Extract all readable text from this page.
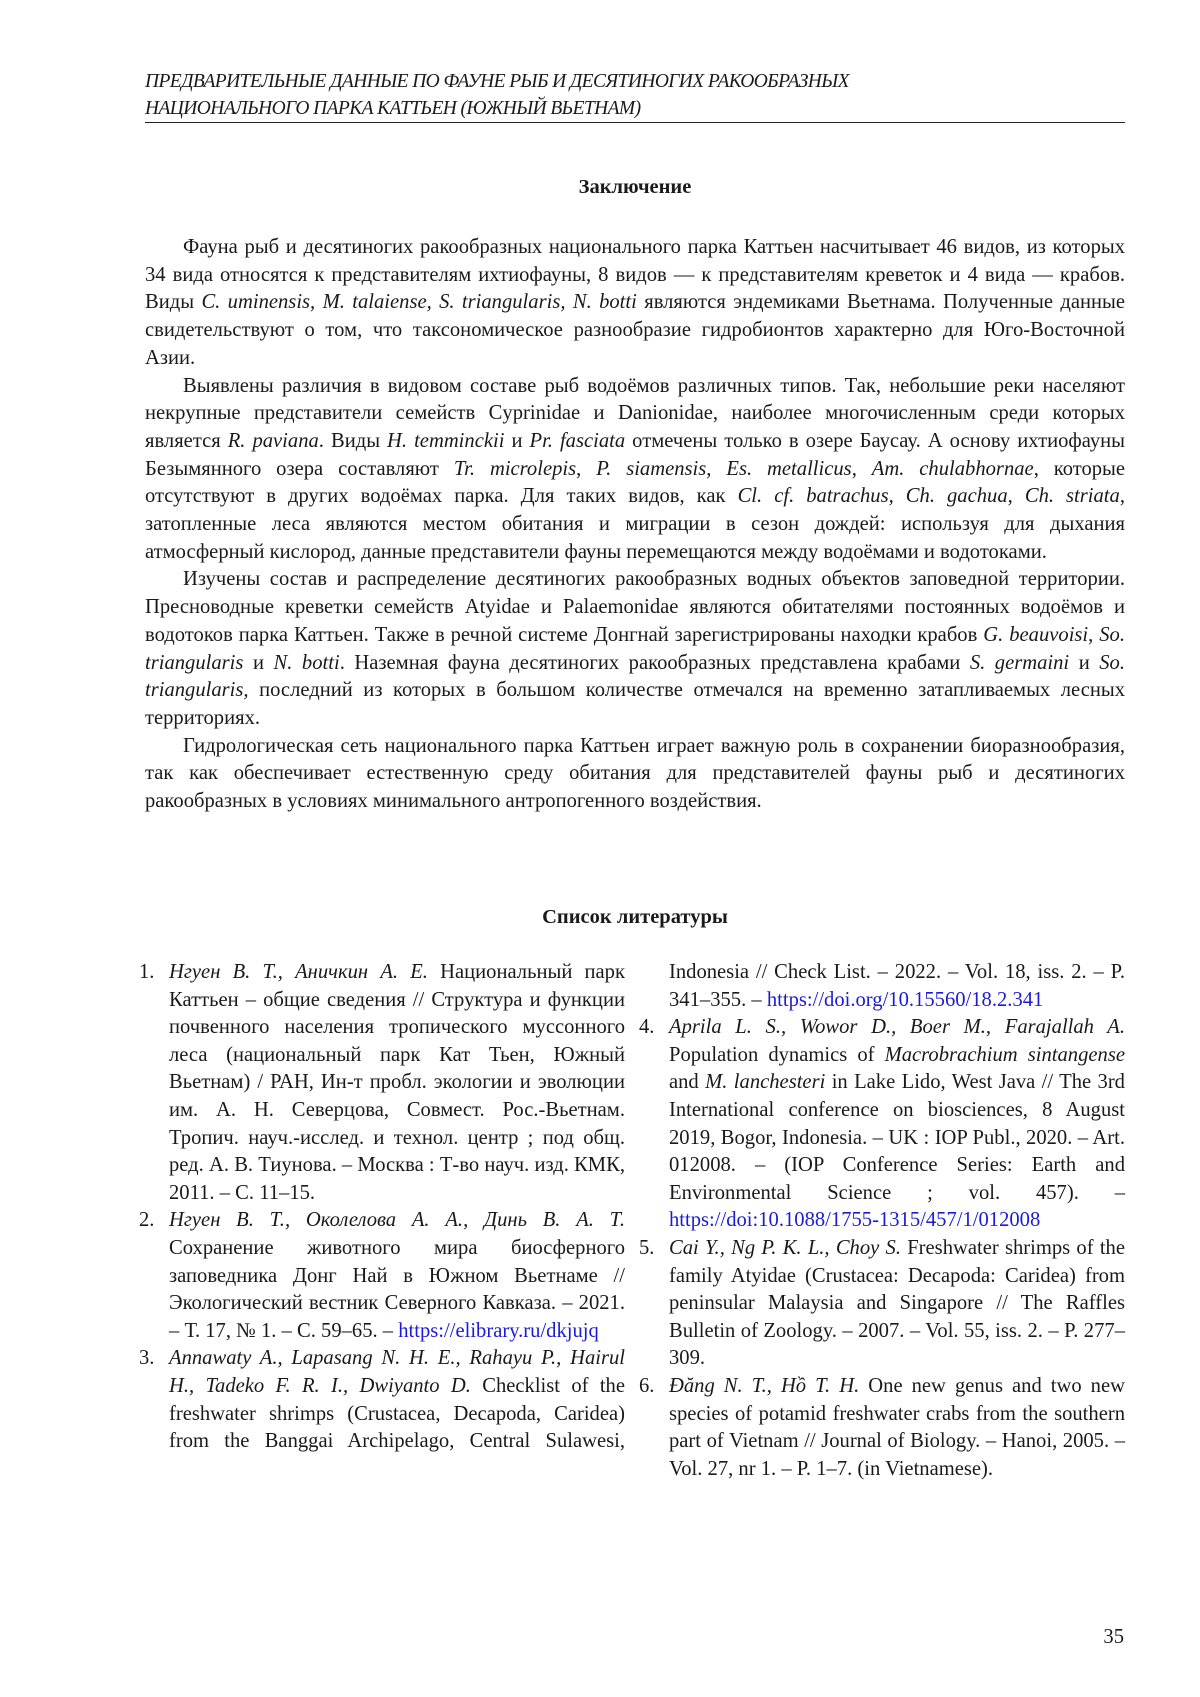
ПРЕДВАРИТЕЛЬНЫЕ ДАННЫЕ ПО ФАУНЕ РЫБ И ДЕСЯТИНОГИХ РАКООБРАЗНЫХ
НАЦИОНАЛЬНОГО ПАРКА КАТТЬЕН (ЮЖНЫЙ ВЬЕТНАМ)
Заключение

Фауна рыб и десятиногих ракообразных национального парка Каттьен насчитывает 46 видов, из которых 34 вида относятся к представителям ихтиофауны, 8 видов — к представителям креветок и 4 вида — крабов. Виды C. uminensis, M. talaiense, S. triangularis, N. botti являются эндемиками Вьетнама. Полученные данные свидетельствуют о том, что таксономическое разнообразие гидробионтов характерно для Юго-Восточной Азии.

Выявлены различия в видовом составе рыб водоёмов различных типов. Так, небольшие реки населяют некрупные представители семейств Cyprinidae и Danionidae, наиболее многочисленным среди которых является R. paviana. Виды H. temminckii и Pr. fasciata отмечены только в озере Баусау. А основу ихтиофауны Безымянного озера составляют Tr. microlepis, P. siamensis, Es. metallicus, Am. chulabhornae, которые отсутствуют в других водоёмах парка. Для таких видов, как Cl. cf. batrachus, Ch. gachua, Ch. striata, затопленные леса являются местом обитания и миграции в сезон дождей: используя для дыхания атмосферный кислород, данные представители фауны перемещаются между водоёмами и водотоками.

Изучены состав и распределение десятиногих ракообразных водных объектов заповедной территории. Пресноводные креветки семейств Atyidae и Palaemonidae являются обитателями постоянных водоёмов и водотоков парка Каттьен. Также в речной системе Донгнай зарегистрированы находки крабов G. beauvoisi, So. triangularis и N. botti. Наземная фауна десятиногих ракообразных представлена крабами S. germaini и So. triangularis, последний из которых в большом количестве отмечался на временно затапливаемых лесных территориях.

Гидрологическая сеть национального парка Каттьен играет важную роль в сохранении биоразнообразия, так как обеспечивает естественную среду обитания для представителей фауны рыб и десятиногих ракообразных в условиях минимального антропогенного воздействия.

Список литературы
1. Нгуен В. Т., Аничкин А. Е. Национальный парк Каттьен – общие сведения // Структура и функции почвенного населения тропического муссонного леса (национальный парк Кат Тьен, Южный Вьетнам) / РАН, Ин-т пробл. экологии и эволюции им. А. Н. Северцова, Совмест. Рос.-Вьетнам. Тропич. науч.-исслед. и технол. центр ; под общ. ред. А. В. Тиунова. – Москва : Т-во науч. изд. КМК, 2011. – С. 11–15.
2. Нгуен В. Т., Околелова А. А., Динь В. А. Т. Сохранение животного мира биосферного заповедника Донг Най в Южном Вьетнаме // Экологический вестник Северного Кавказа. – 2021. – Т. 17, № 1. – С. 59–65. – https://elibrary.ru/dkjujq
3. Annawaty A., Lapasang N. H. E., Rahayu P., Hairul H., Tadeko F. R. I., Dwiyanto D. Checklist of the freshwater shrimps (Crustacea, Decapoda, Caridea) from the Banggai Archipelago, Central Sulawesi, Indonesia // Check List. – 2022. – Vol. 18, iss. 2. – P. 341–355. – https://doi.org/10.15560/18.2.341
4. Aprila L. S., Wowor D., Boer M., Farajallah A. Population dynamics of Macrobrachium sintangense and M. lanchesteri in Lake Lido, West Java // The 3rd International conference on biosciences, 8 August 2019, Bogor, Indonesia. – UK : IOP Publ., 2020. – Art. 012008. – (IOP Conference Series: Earth and Environmental Science ; vol. 457). – https://doi:10.1088/1755-1315/457/1/012008
5. Cai Y., Ng P. K. L., Choy S. Freshwater shrimps of the family Atyidae (Crustacea: Decapoda: Caridea) from peninsular Malaysia and Singapore // The Raffles Bulletin of Zoology. – 2007. – Vol. 55, iss. 2. – P. 277–309.
6. Đăng N. T., Hồ T. H. One new genus and two new species of potamid freshwater crabs from the southern part of Vietnam // Journal of Biology. – Hanoi, 2005. – Vol. 27, nr 1. – P. 1–7. (in Vietnamese).
35
